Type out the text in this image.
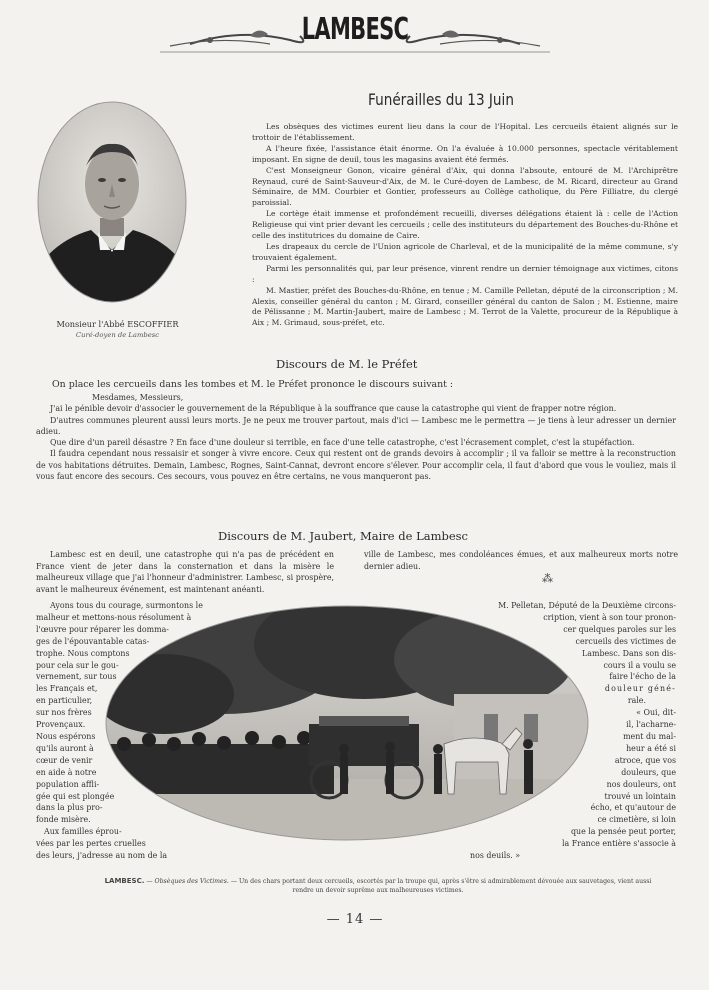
LAMBESC
Monsieur l'Abbé ESCOFFIER
Curé-doyen de Lambesc
Funérailles du 13 Juin

Les obsèques des victimes eurent lieu dans la cour de l'Hopital. Les cercueils étaient alignés sur le trottoir de l'établissement.

A l'heure fixée, l'assistance était énorme. On l'a évaluée à 10.000 personnes, spectacle véritablement imposant. En signe de deuil, tous les magasins avaient été fermés.

C'est Monseigneur Gonon, vicaire général d'Aix, qui donna l'absoute, entouré de M. l'Archiprêtre Reynaud, curé de Saint-Sauveur-d'Aix, de M. le Curé-doyen de Lambesc, de M. Ricard, directeur au Grand Séminaire, de MM. Courbier et Gontier, professeurs au Collège catholique, du Père Filliatre, du clergé paroissial.

Le cortège était immense et profondément recueilli, diverses délégations étaient là : celle de l'Action Religieuse qui vint prier devant les cercueils ; celle des instituteurs du département des Bouches-du-Rhône et celle des institutrices du domaine de Caire.

Les drapeaux du cercle de l'Union agricole de Charleval, et de la municipalité de la même commune, s'y trouvaient également.

Parmi les personnalités qui, par leur présence, vinrent rendre un dernier témoignage aux victimes, citons :

M. Mastier, préfet des Bouches-du-Rhône, en tenue ; M. Camille Pelletan, député de la circonscription ; M. Alexis, conseiller général du canton ; M. Girard, conseiller général du canton de Salon ; M. Estienne, maire de Pélissanne ; M. Martin-Jaubert, maire de Lambesc ; M. Terrot de la Valette, procureur de la République à Aix ; M. Grimaud, sous-préfet, etc.

Discours de M. le Préfet

On place les cercueils dans les tombes et M. le Préfet prononce le discours suivant :

Mesdames, Messieurs,

J'ai le pénible devoir d'associer le gouvernement de la République à la souffrance que cause la catastrophe qui vient de frapper notre région.

D'autres communes pleurent aussi leurs morts. Je ne peux me trouver partout, mais d'ici — Lambesc me le permettra — je tiens à leur adresser un dernier adieu.

Que dire d'un pareil désastre ? En face d'une douleur si terrible, en face d'une telle catastrophe, c'est l'écrasement complet, c'est la stupéfaction.

Il faudra cependant nous ressaisir et songer à vivre encore. Ceux qui restent ont de grands devoirs à accomplir ; il va falloir se mettre à la reconstruction de vos habitations détruites. Demain, Lambesc, Rognes, Saint-Cannat, devront encore s'élever. Pour accomplir cela, il faut d'abord que vous le vouliez, mais il vous faut encore des secours. Ces secours, vous pouvez en être certains, ne vous manqueront pas.

Discours de M. Jaubert, Maire de Lambesc

Lambesc est en deuil, une catastrophe qui n'a pas de précédent en France vient de jeter dans la consternation et dans la misère le malheureux village que j'ai l'honneur d'administrer. Lambesc, si prospère, avant le malheureux événement, est maintenant anéanti.

ville de Lambesc, mes condoléances émues, et aux malheureux morts notre dernier adieu.

⁂
Ayons tous du courage, surmontons le
malheur et mettons-nous résolument à
l'œuvre pour réparer les domma-
ges de l'épouvantable catas-
trophe. Nous comptons
pour cela sur le gou-
vernement, sur tous
les Français et,
en particulier,
sur nos frères
Provençaux.
Nous espérons
qu'ils auront à
cœur de venir
en aide à notre
population affli-
gée qui est plongée
dans la plus pro-
fonde misère.
Aux familles éprou-
vées par les pertes cruelles
des leurs, j'adresse au nom de la
M. Pelletan, Député de la Deuxième circons-
cription, vient à son tour pronon-
cer quelques paroles sur les
cercueils des victimes de
Lambesc. Dans son dis-
cours il a voulu se
faire l'écho de la
douleur géné-
rale.
« Oui, dit-
il, l'acharne-
ment du mal-
heur a été si
atroce, que vos
douleurs, que
nos douleurs, ont
trouvé un lointain
écho, et qu'autour de
ce cimetière, si loin
que la pensée peut porter,
la France entière s'associe à
nos deuils. »
LAMBESC. — Obsèques des Victimes. — Un des chars portant deux cercueils, escortés par la troupe qui, après s'être si admirablement dévouée aux sauvetages, vient aussi rendre un devoir suprême aux malheureuses victimes.
— 14 —
